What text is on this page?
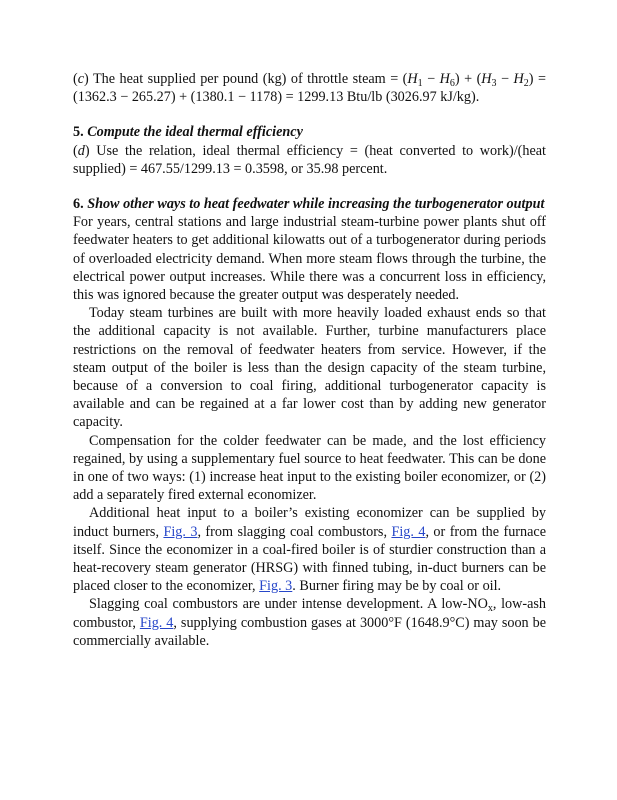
(c) The heat supplied per pound (kg) of throttle steam = $(H_1 - H_6) + (H_3 - H_2) = (1362.3 - 265.27) + (1380.1 - 1178) = 1299.13$ Btu/lb (3026.97 kJ/kg).

5. Compute the ideal thermal efficiency

(d) Use the relation, ideal thermal efficiency = (heat converted to work)/(heat supplied) = 467.55/1299.13 = 0.3598, or 35.98 percent.

6. Show other ways to heat feedwater while increasing the turbogenerator output

For years, central stations and large industrial steam-turbine power plants shut off feedwater heaters to get additional kilowatts out of a turbogenerator during periods of overloaded electricity demand. When more steam flows through the turbine, the electrical power output increases. While there was a concurrent loss in efficiency, this was ignored because the greater output was desperately needed.

Today steam turbines are built with more heavily loaded exhaust ends so that the additional capacity is not available. Further, turbine manufacturers place restrictions on the removal of feedwater heaters from service. However, if the steam output of the boiler is less than the design capacity of the steam turbine, because of a conversion to coal firing, additional turbogenerator capacity is available and can be regained at a far lower cost than by adding new generator capacity.

Compensation for the colder feedwater can be made, and the lost efficiency regained, by using a supplementary fuel source to heat feedwater. This can be done in one of two ways: (1) increase heat input to the existing boiler economizer, or (2) add a separately fired external economizer.

Additional heat input to a boiler’s existing economizer can be supplied by induct burners, Fig. 3, from slagging coal combustors, Fig. 4, or from the furnace itself. Since the economizer in a coal-fired boiler is of sturdier construction than a heat-recovery steam generator (HRSG) with finned tubing, in-duct burners can be placed closer to the economizer, Fig. 3. Burner firing may be by coal or oil.

Slagging coal combustors are under intense development. A low-$NO_x$, low-ash combustor, Fig. 4, supplying combustion gases at 3000°F (1648.9°C) may soon be commercially available.
